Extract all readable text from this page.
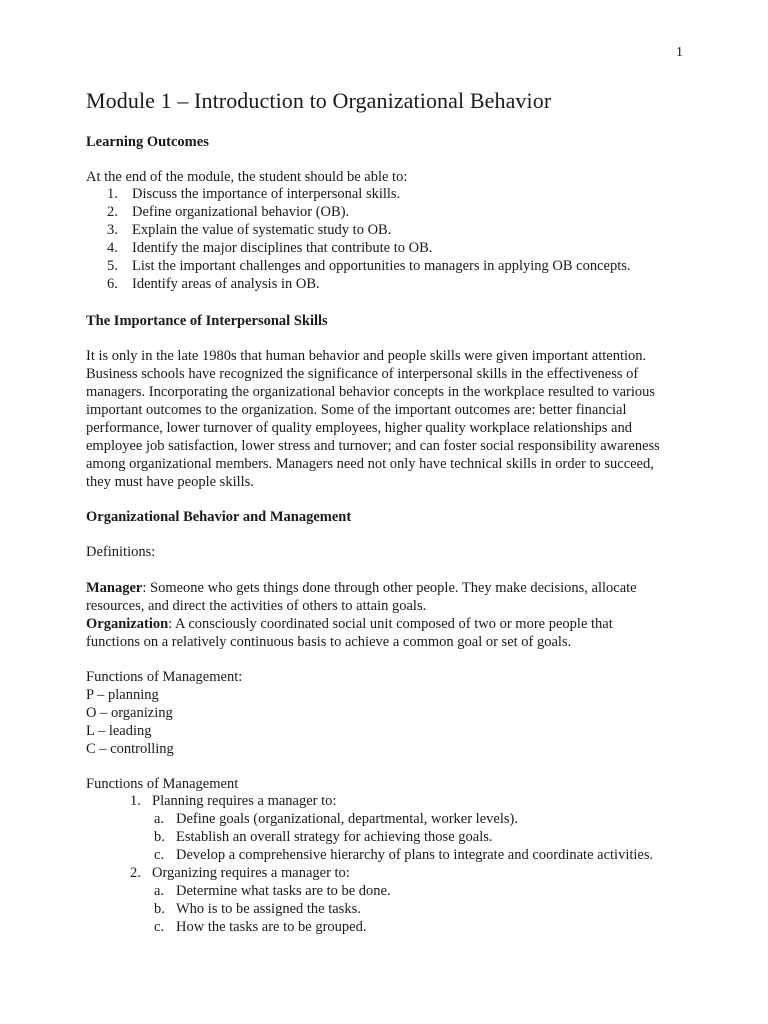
1
Module 1 – Introduction to Organizational Behavior
Learning Outcomes
At the end of the module, the student should be able to:
1. Discuss the importance of interpersonal skills.
2. Define organizational behavior (OB).
3. Explain the value of systematic study to OB.
4. Identify the major disciplines that contribute to OB.
5. List the important challenges and opportunities to managers in applying OB concepts.
6. Identify areas of analysis in OB.
The Importance of Interpersonal Skills
It is only in the late 1980s that human behavior and people skills were given important attention.
Business schools have recognized the significance of interpersonal skills in the effectiveness of
managers. Incorporating the organizational behavior concepts in the workplace resulted to various
important outcomes to the organization. Some of the important outcomes are: better financial
performance, lower turnover of quality employees, higher quality workplace relationships and
employee job satisfaction, lower stress and turnover; and can foster social responsibility awareness
among organizational members. Managers need not only have technical skills in order to succeed,
they must have people skills.
Organizational Behavior and Management
Definitions:
Manager: Someone who gets things done through other people. They make decisions, allocate
resources, and direct the activities of others to attain goals.
Organization: A consciously coordinated social unit composed of two or more people that
functions on a relatively continuous basis to achieve a common goal or set of goals.
Functions of Management:
P – planning
O – organizing
L – leading
C – controlling
Functions of Management
1. Planning requires a manager to:
a. Define goals (organizational, departmental, worker levels).
b. Establish an overall strategy for achieving those goals.
c. Develop a comprehensive hierarchy of plans to integrate and coordinate activities.
2. Organizing requires a manager to:
a. Determine what tasks are to be done.
b. Who is to be assigned the tasks.
c. How the tasks are to be grouped.
